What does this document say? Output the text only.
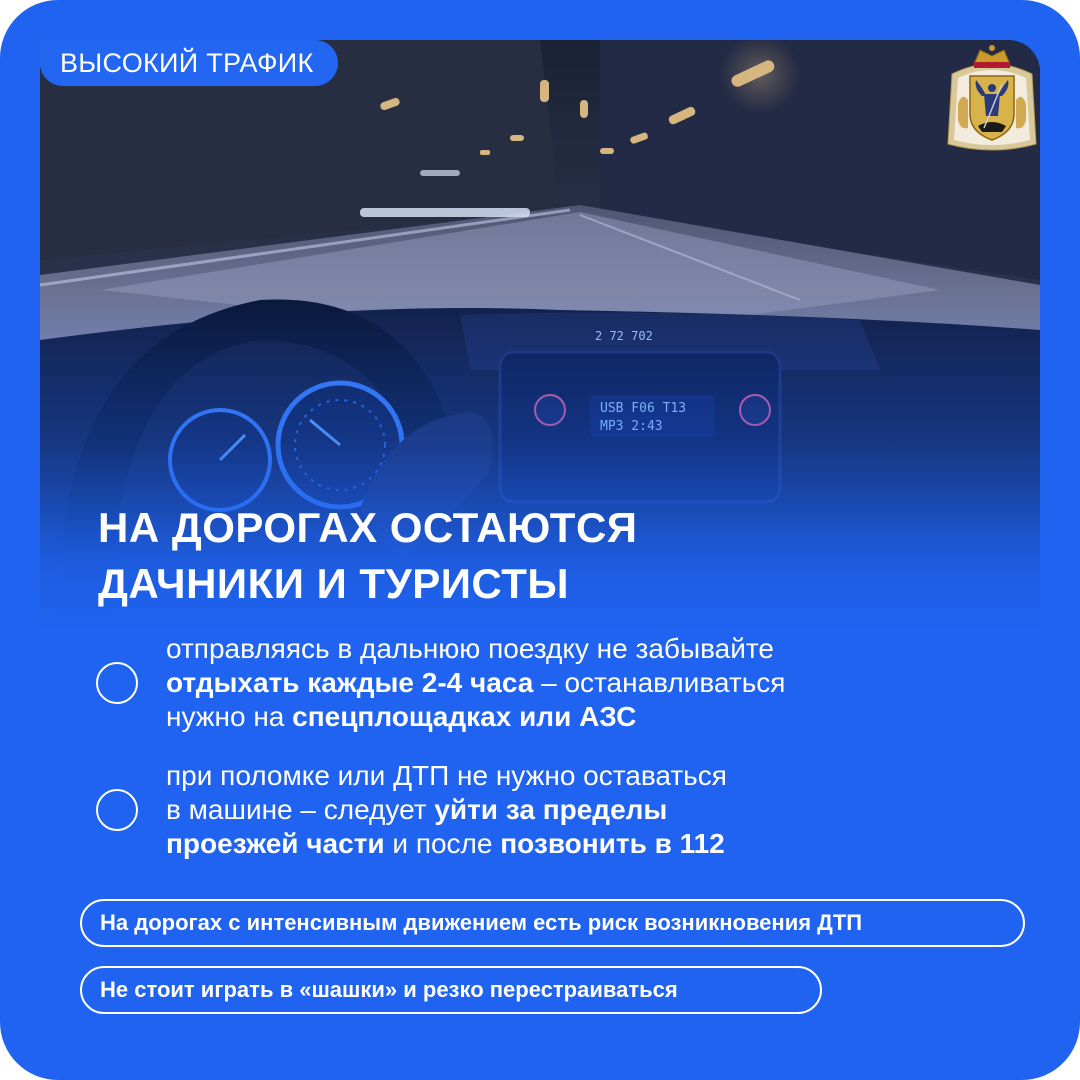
ВЫСОКИЙ ТРАФИК
НА ДОРОГАХ ОСТАЮТСЯ
ДАЧНИКИ И ТУРИСТЫ
отправляясь в дальнюю поездку не забывайте
отдыхать каждые 2-4 часа – останавливаться
нужно на спецплощадках или АЗС
при поломке или ДТП не нужно оставаться
в машине – следует уйти за пределы
проезжей части и после позвонить в 112
На дорогах с интенсивным движением есть риск возникновения ДТП
Не стоит играть в «шашки» и резко перестраиваться
